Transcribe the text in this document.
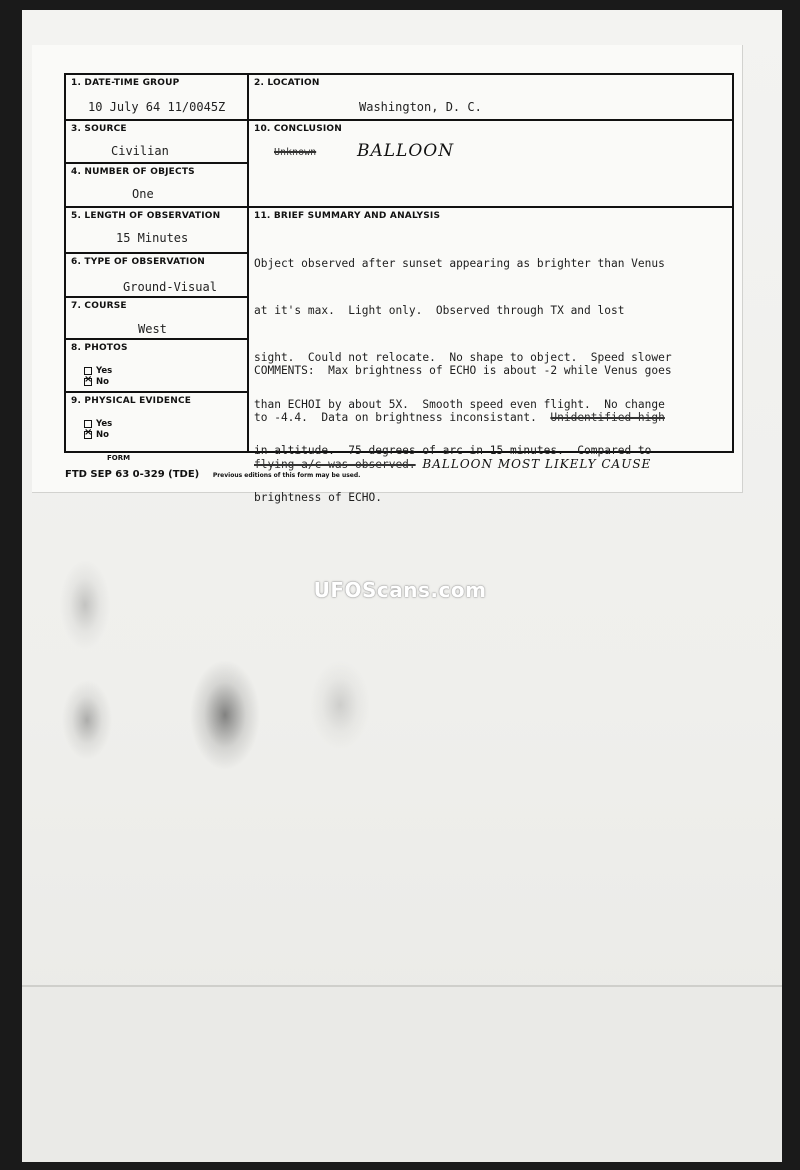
1. DATE-TIME GROUP
10 July 64 11/0045Z
2. LOCATION
Washington, D. C.
3. SOURCE
Civilian
4. NUMBER OF OBJECTS
One
5. LENGTH OF OBSERVATION
15 Minutes
6. TYPE OF OBSERVATION
Ground-Visual
7. COURSE
West
8. PHOTOS
Yes
×No
9. PHYSICAL EVIDENCE
Yes
×No
10. CONCLUSION
Unknown BALLOON
11. BRIEF SUMMARY AND ANALYSIS

Object observed after sunset appearing as brighter than Venus

at it's max.  Light only.  Observed through TX and lost

sight.  Could not relocate.  No shape to object.  Speed slower

than ECHOI by about 5X.  Smooth speed even flight.  No change

in altitude.  75 degrees of arc in 15 minutes.  Compared to

brightness of ECHO.

COMMENTS:  Max brightness of ECHO is about -2 while Venus goes

to -4.4.  Data on brightness inconsistant.  Unidentified high

flying a/c was observed. BALLOON MOST LIKELY CAUSE

FORM
FTD SEP 63 0-329 (TDE) Previous editions of this form may be used.
UFOScans.com
